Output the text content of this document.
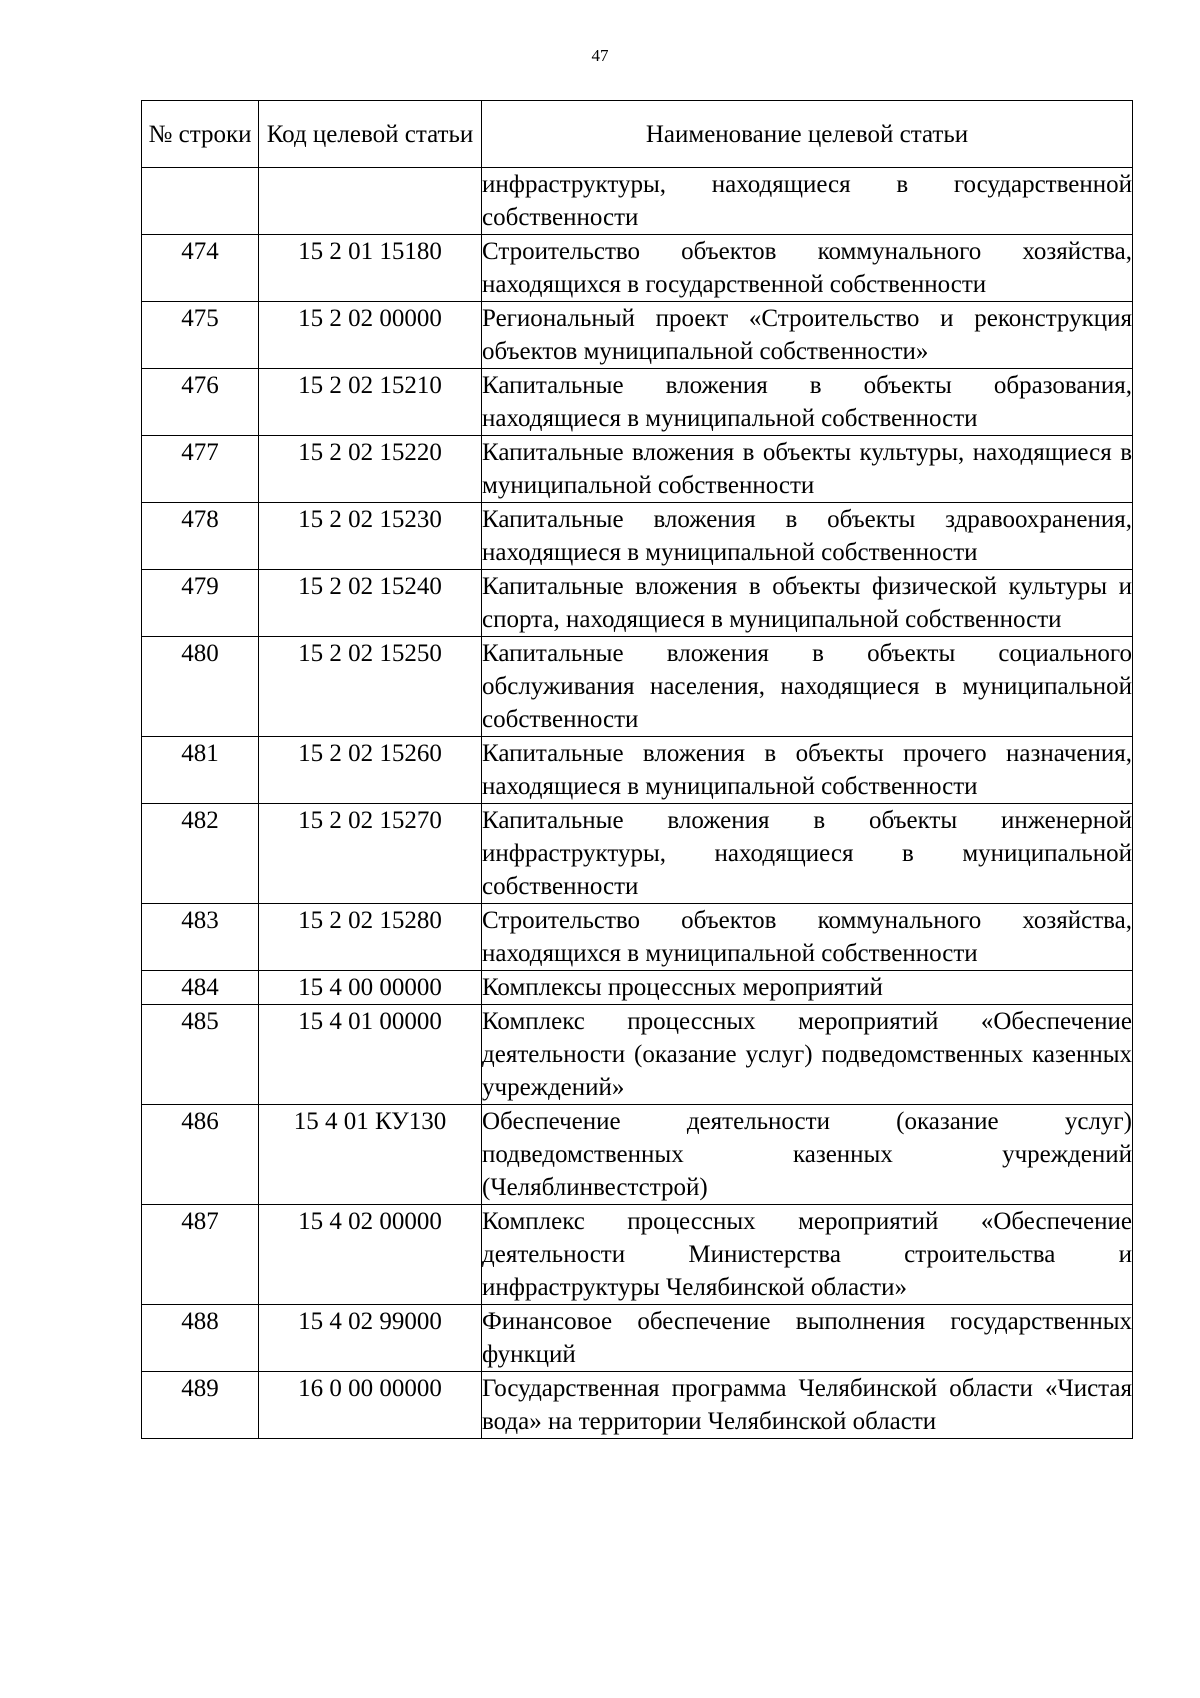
47
№ строки	Код целевой статьи	Наименование целевой статьи
		инфраструктуры, находящиеся в государственной собственности
474	15 2 01 15180	Строительство объектов коммунального хозяйства, находящихся в государственной собственности
475	15 2 02 00000	Региональный проект «Строительство и реконструкция объектов муниципальной собственности»
476	15 2 02 15210	Капитальные вложения в объекты образования, находящиеся в муниципальной собственности
477	15 2 02 15220	Капитальные вложения в объекты культуры, находящиеся в муниципальной собственности
478	15 2 02 15230	Капитальные вложения в объекты здравоохранения, находящиеся в муниципальной собственности
479	15 2 02 15240	Капитальные вложения в объекты физической культуры и спорта, находящиеся в муниципальной собственности
480	15 2 02 15250	Капитальные вложения в объекты социального обслуживания населения, находящиеся в муниципальной собственности
481	15 2 02 15260	Капитальные вложения в объекты прочего назначения, находящиеся в муниципальной собственности
482	15 2 02 15270	Капитальные вложения в объекты инженерной инфраструктуры, находящиеся в муниципальной собственности
483	15 2 02 15280	Строительство объектов коммунального хозяйства, находящихся в муниципальной собственности
484	15 4 00 00000	Комплексы процессных мероприятий
485	15 4 01 00000	Комплекс процессных мероприятий «Обеспечение деятельности (оказание услуг) подведомственных казенных учреждений»
486	15 4 01 КУ130	Обеспечение деятельности (оказание услуг) подведомственных казенных учреждений (Челяблинвестстрой)
487	15 4 02 00000	Комплекс процессных мероприятий «Обеспечение деятельности Министерства строительства и инфраструктуры Челябинской области»
488	15 4 02 99000	Финансовое обеспечение выполнения государственных функций
489	16 0 00 00000	Государственная программа Челябинской области «Чистая вода» на территории Челябинской области
